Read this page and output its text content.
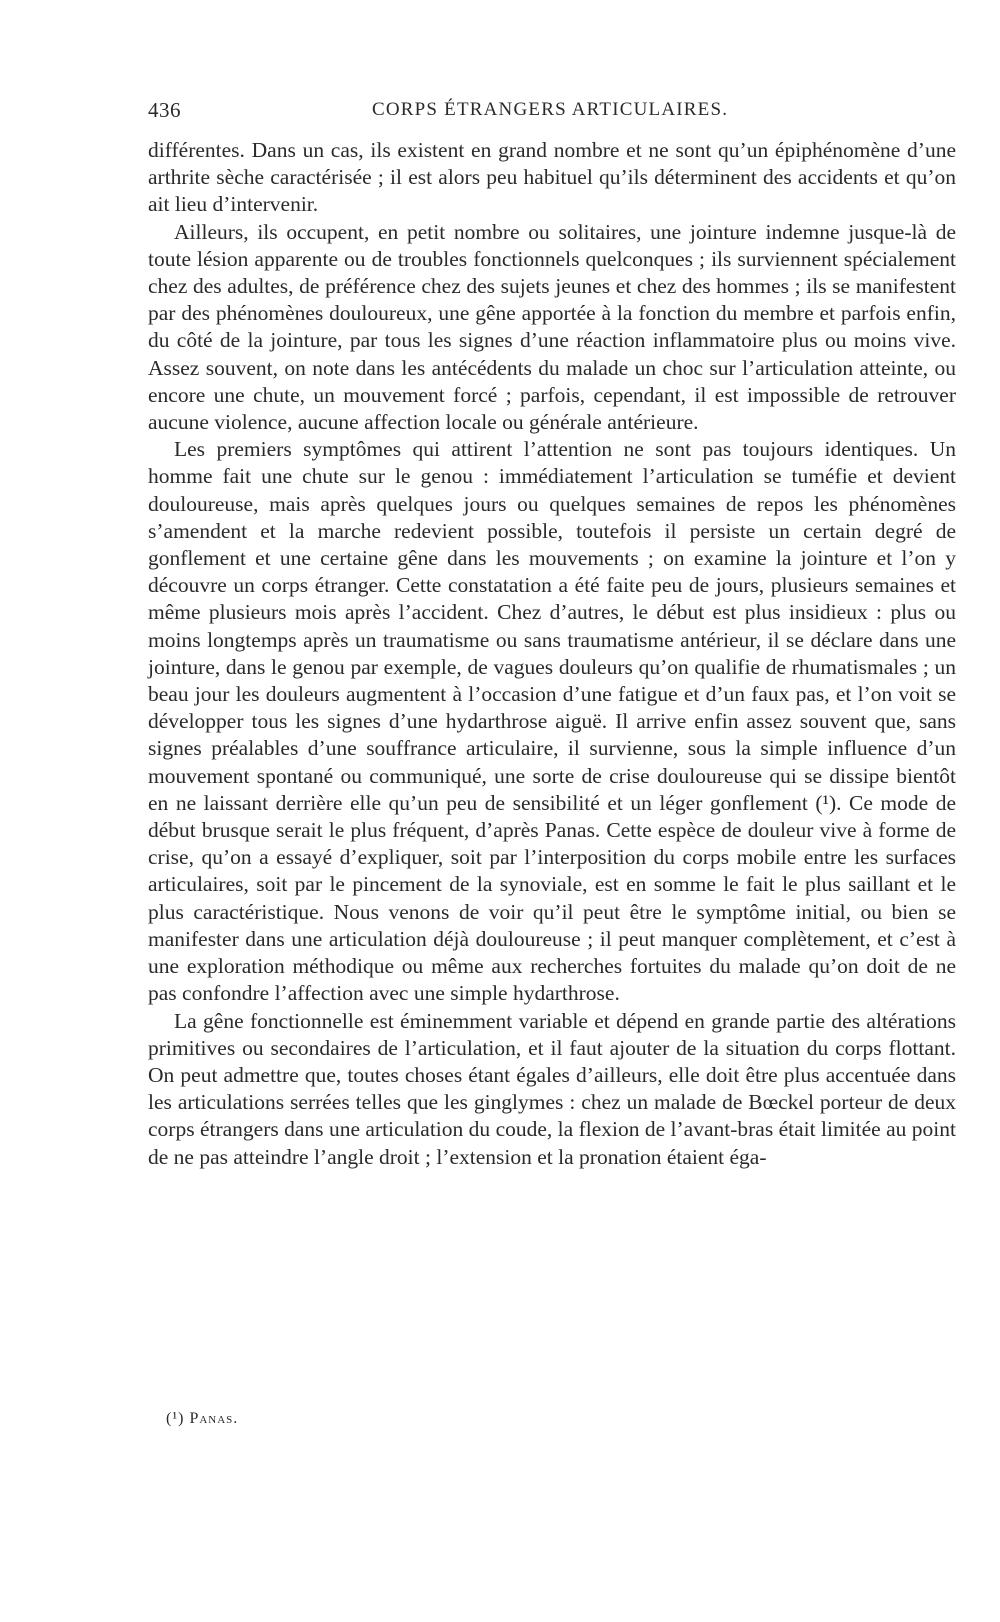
436	CORPS ÉTRANGERS ARTICULAIRES.

différentes. Dans un cas, ils existent en grand nombre et ne sont qu’un épiphénomène d’une arthrite sèche caractérisée ; il est alors peu habituel qu’ils déterminent des accidents et qu’on ait lieu d’intervenir.

Ailleurs, ils occupent, en petit nombre ou solitaires, une jointure indemne jusque-là de toute lésion apparente ou de troubles fonctionnels quelconques ; ils surviennent spécialement chez des adultes, de préférence chez des sujets jeunes et chez des hommes ; ils se manifestent par des phénomènes douloureux, une gêne apportée à la fonction du membre et parfois enfin, du côté de la jointure, par tous les signes d’une réaction inflammatoire plus ou moins vive. Assez souvent, on note dans les antécédents du malade un choc sur l’articulation atteinte, ou encore une chute, un mouvement forcé ; parfois, cependant, il est impossible de retrouver aucune violence, aucune affection locale ou générale antérieure.

Les premiers symptômes qui attirent l’attention ne sont pas toujours identiques. Un homme fait une chute sur le genou : immédiatement l’articulation se tuméfie et devient douloureuse, mais après quelques jours ou quelques semaines de repos les phénomènes s’amendent et la marche redevient possible, toutefois il persiste un certain degré de gonflement et une certaine gêne dans les mouvements ; on examine la jointure et l’on y découvre un corps étranger. Cette constatation a été faite peu de jours, plusieurs semaines et même plusieurs mois après l’accident. Chez d’autres, le début est plus insidieux : plus ou moins longtemps après un traumatisme ou sans traumatisme antérieur, il se déclare dans une jointure, dans le genou par exemple, de vagues douleurs qu’on qualifie de rhumatismales ; un beau jour les douleurs augmentent à l’occasion d’une fatigue et d’un faux pas, et l’on voit se développer tous les signes d’une hydarthrose aiguë. Il arrive enfin assez souvent que, sans signes préalables d’une souffrance articulaire, il survienne, sous la simple influence d’un mouvement spontané ou communiqué, une sorte de crise douloureuse qui se dissipe bientôt en ne laissant derrière elle qu’un peu de sensibilité et un léger gonflement (¹). Ce mode de début brusque serait le plus fréquent, d’après Panas. Cette espèce de douleur vive à forme de crise, qu’on a essayé d’expliquer, soit par l’interposition du corps mobile entre les surfaces articulaires, soit par le pincement de la synoviale, est en somme le fait le plus saillant et le plus caractéristique. Nous venons de voir qu’il peut être le symptôme initial, ou bien se manifester dans une articulation déjà douloureuse ; il peut manquer complètement, et c’est à une exploration méthodique ou même aux recherches fortuites du malade qu’on doit de ne pas confondre l’affection avec une simple hydarthrose.

La gêne fonctionnelle est éminemment variable et dépend en grande partie des altérations primitives ou secondaires de l’articulation, et il faut ajouter de la situation du corps flottant. On peut admettre que, toutes choses étant égales d’ailleurs, elle doit être plus accentuée dans les articulations serrées telles que les ginglymes : chez un malade de Bœckel porteur de deux corps étrangers dans une articulation du coude, la flexion de l’avant-bras était limitée au point de ne pas atteindre l’angle droit ; l’extension et la pronation étaient éga-

(¹) Panas.
